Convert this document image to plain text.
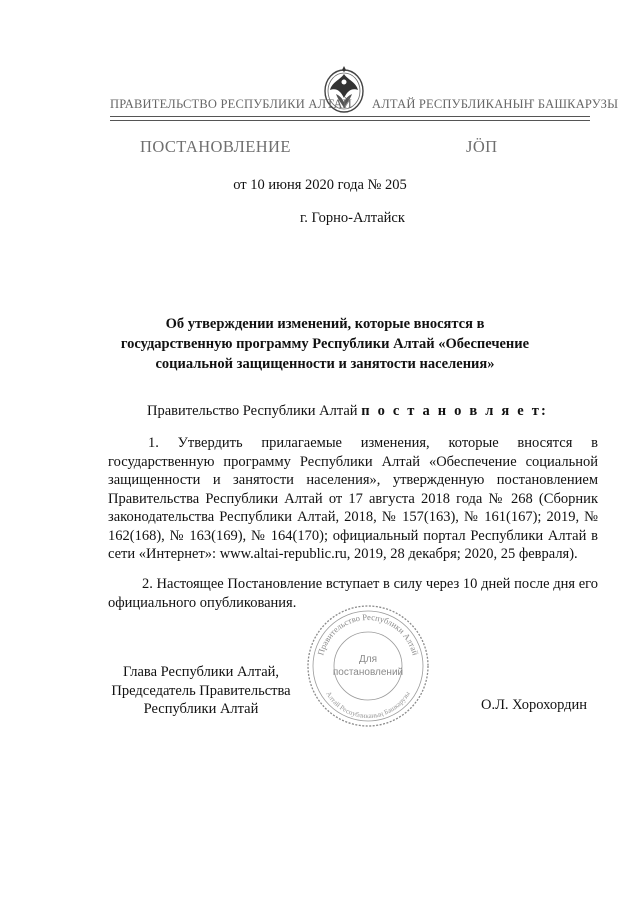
ПРАВИТЕЛЬСТВО РЕСПУБЛИКИ АЛТАЙ АЛТАЙ РЕСПУБЛИКАНЫҤ БАШКАРУЗЫ
ПОСТАНОВЛЕНИЕ	ЈӦП
от 10 июня 2020 года № 205
г. Горно-Алтайск
Об утверждении изменений, которые вносятся в
государственную программу Республики Алтай «Обеспечение
социальной защищенности и занятости населения»
Правительство Республики Алтай п о с т а н о в л я е т:
1. Утвердить прилагаемые изменения, которые вносятся в государственную программу Республики Алтай «Обеспечение социальной защищенности и занятости населения», утвержденную постановлением Правительства Республики Алтай от 17 августа 2018 года № 268 (Сборник законодательства Республики Алтай, 2018, № 157(163), № 161(167); 2019, № 162(168), № 163(169), № 164(170); официальный портал Республики Алтай в сети «Интернет»: www.altai-republic.ru, 2019, 28 декабря; 2020, 25 февраля).
2. Настоящее Постановление вступает в силу через 10 дней после дня его официального опубликования.
Глава Республики Алтай,
Председатель Правительства
Республики Алтай	О.Л. Хорохордин
Правительство Республики Алтай
Алтай Республиканың Башкарузы
Для
постановлений
